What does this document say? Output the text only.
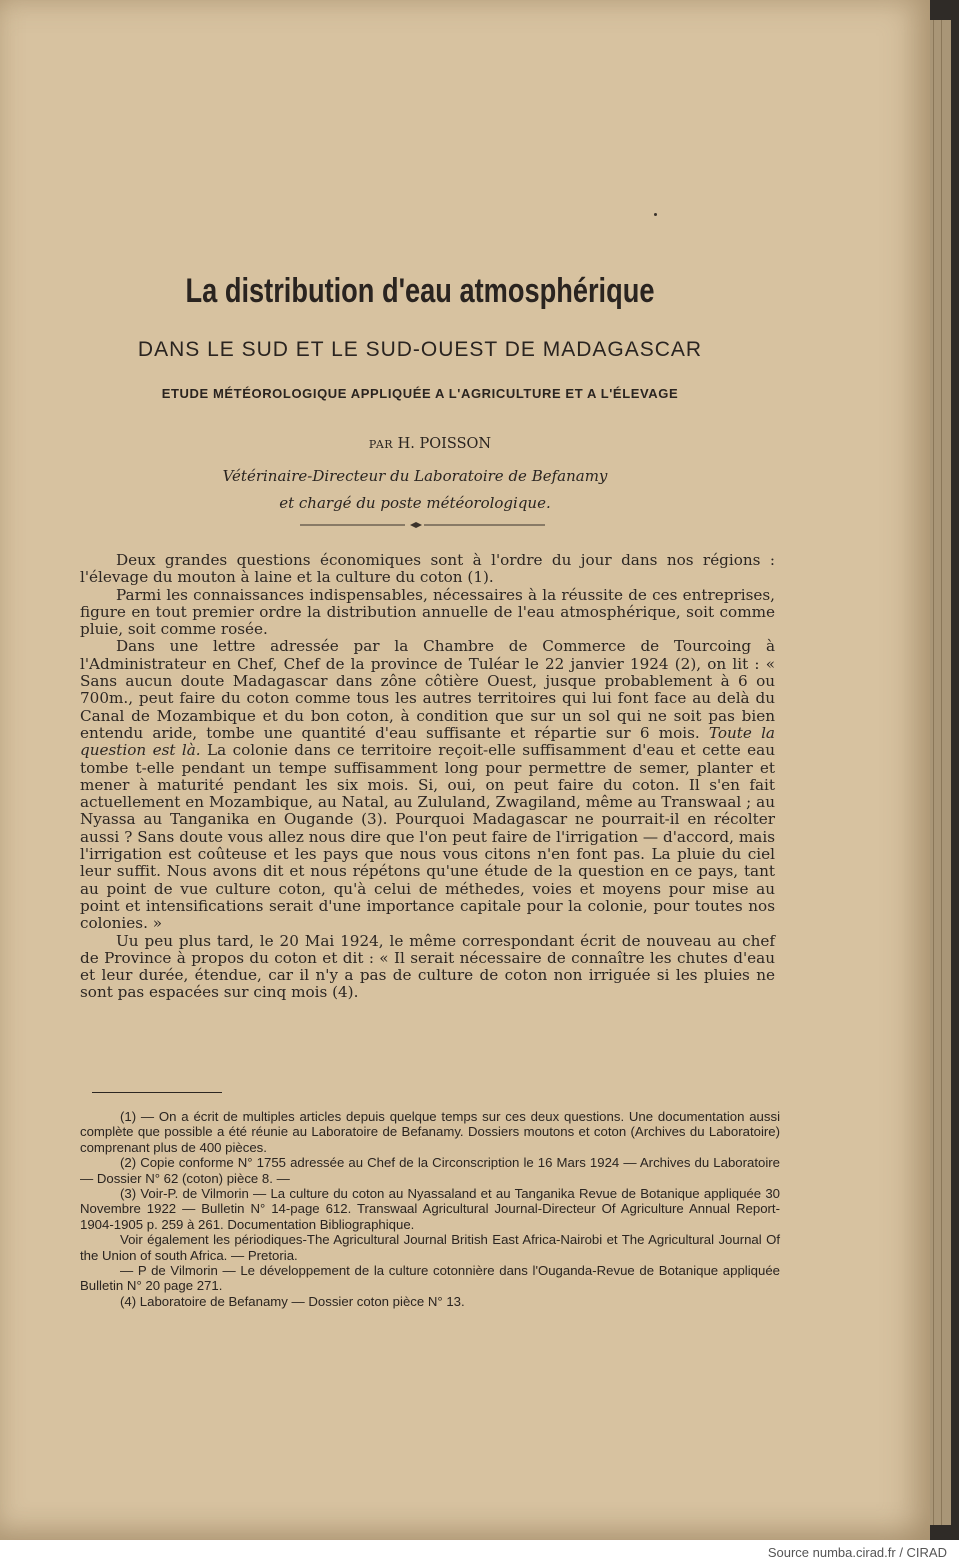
La distribution d'eau atmosphérique
DANS LE SUD ET LE SUD-OUEST DE MADAGASCAR
ETUDE MÉTÉOROLOGIQUE APPLIQUÉE A L'AGRICULTURE ET A L'ÉLEVAGE
PAR H. POISSON
Vétérinaire-Directeur du Laboratoire de Befanamy
et chargé du poste météorologique.

Deux grandes questions économiques sont à l'ordre du jour dans nos régions : l'élevage du mouton à laine et la culture du coton (1).

Parmi les connaissances indispensables, nécessaires à la réussite de ces entreprises, figure en tout premier ordre la distribution annuelle de l'eau atmosphérique, soit comme pluie, soit comme rosée.

Dans une lettre adressée par la Chambre de Commerce de Tourcoing à l'Administrateur en Chef, Chef de la province de Tuléar le 22 janvier 1924 (2), on lit : « Sans aucun doute Madagascar dans zône côtière Ouest, jusque probablement à 6 ou 700m., peut faire du coton comme tous les autres territoires qui lui font face au delà du Canal de Mozambique et du bon coton, à condition que sur un sol qui ne soit pas bien entendu aride, tombe une quantité d'eau suffisante et répartie sur 6 mois. Toute la question est là. La colonie dans ce territoire reçoit-elle suffisamment d'eau et cette eau tombe t-elle pendant un tempe suffisamment long pour permettre de semer, planter et mener à maturité pendant les six mois. Si, oui, on peut faire du coton. Il s'en fait actuellement en Mozambique, au Natal, au Zululand, Zwagiland, même au Transwaal ; au Nyassa au Tanganika en Ougande (3). Pourquoi Madagascar ne pourrait-il en récolter aussi ? Sans doute vous allez nous dire que l'on peut faire de l'irrigation — d'accord, mais l'irrigation est coûteuse et les pays que nous vous citons n'en font pas. La pluie du ciel leur suffit. Nous avons dit et nous répétons qu'une étude de la question en ce pays, tant au point de vue culture coton, qu'à celui de méthedes, voies et moyens pour mise au point et intensifications serait d'une importance capitale pour la colonie, pour toutes nos colonies. »

Uu peu plus tard, le 20 Mai 1924, le même correspondant écrit de nouveau au chef de Province à propos du coton et dit : « Il serait nécessaire de connaître les chutes d'eau et leur durée, étendue, car il n'y a pas de culture de coton non irriguée si les pluies ne sont pas espacées sur cinq mois (4).

(1) — On a écrit de multiples articles depuis quelque temps sur ces deux questions. Une documentation aussi complète que possible a été réunie au Laboratoire de Befanamy. Dossiers moutons et coton (Archives du Laboratoire) comprenant plus de 400 pièces.

(2) Copie conforme N° 1755 adressée au Chef de la Circonscription le 16 Mars 1924 — Archives du Laboratoire — Dossier N° 62 (coton) pièce 8. —

(3) Voir-P. de Vilmorin — La culture du coton au Nyassaland et au Tanganika Revue de Botanique appliquée 30 Novembre 1922 — Bulletin N° 14-page 612. Transwaal Agricultural Journal-Directeur Of Agriculture Annual Report-1904-1905 p. 259 à 261. Documentation Bibliographique.

Voir également les périodiques-The Agricultural Journal British East Africa-Nairobi et The Agricultural Journal Of the Union of south Africa. — Pretoria.

— P de Vilmorin — Le développement de la culture cotonnière dans l'Ouganda-Revue de Botanique appliquée Bulletin N° 20 page 271.

(4) Laboratoire de Befanamy — Dossier coton pièce N° 13.

Source numba.cirad.fr / CIRAD
